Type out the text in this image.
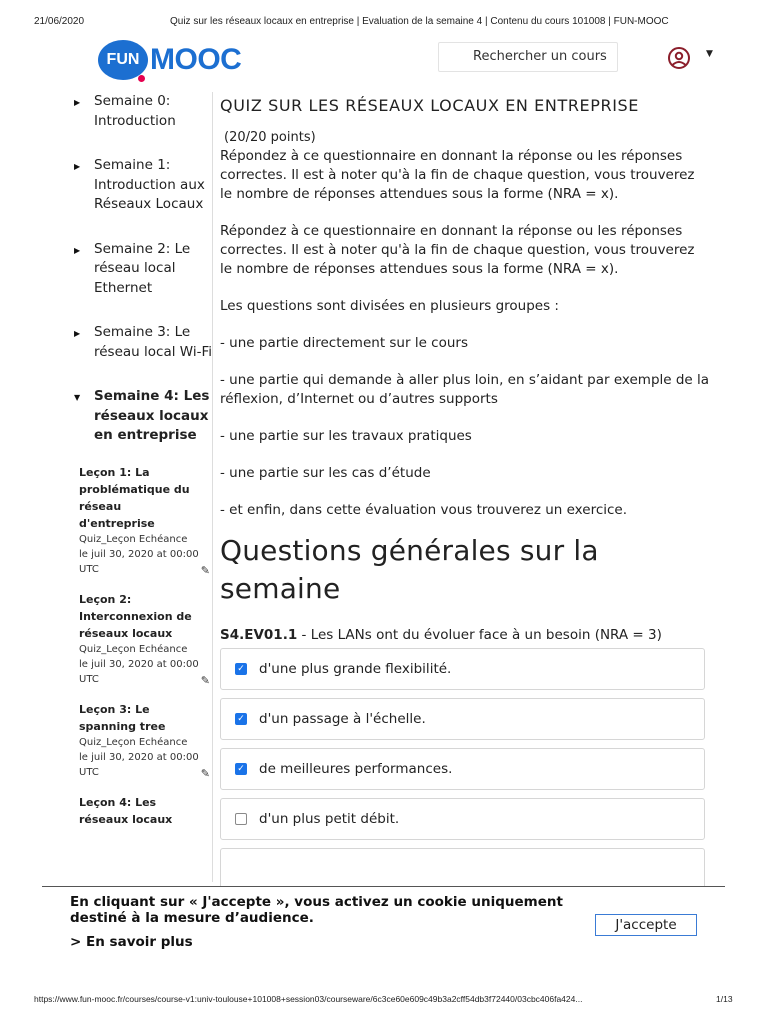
21/06/2020	Quiz sur les réseaux locaux en entreprise | Evaluation de la semaine 4 | Contenu du cours 101008 | FUN-MOOC
FUN MOOC	Rechercher un cours	▼
▶ Semaine 0: Introduction
▶ Semaine 1: Introduction aux Réseaux Locaux
▶ Semaine 2: Le réseau local Ethernet
▶ Semaine 3: Le réseau local Wi-Fi
▼ Semaine 4: Les réseaux locaux en entreprise
Leçon 1: La problématique du réseau d'entreprise
Quiz_Leçon Echéance le juil 30, 2020 at 00:00 UTC	✎
Leçon 2: Interconnexion de réseaux locaux
Quiz_Leçon Echéance le juil 30, 2020 at 00:00 UTC	✎
Leçon 3: Le spanning tree
Quiz_Leçon Echéance le juil 30, 2020 at 00:00 UTC	✎
Leçon 4: Les réseaux locaux
QUIZ SUR LES RÉSEAUX LOCAUX EN ENTREPRISE
(20/20 points)
Répondez à ce questionnaire en donnant la réponse ou les réponses correctes. Il est à noter qu'à la fin de chaque question, vous trouverez le nombre de réponses attendues sous la forme (NRA = x).
Répondez à ce questionnaire en donnant la réponse ou les réponses correctes. Il est à noter qu'à la fin de chaque question, vous trouverez le nombre de réponses attendues sous la forme (NRA = x).
Les questions sont divisées en plusieurs groupes :
- une partie directement sur le cours
- une partie qui demande à aller plus loin, en s’aidant par exemple de la réflexion, d’Internet ou d’autres supports
- une partie sur les travaux pratiques
- une partie sur les cas d’étude
- et enfin, dans cette évaluation vous trouverez un exercice.
Questions générales sur la semaine
S4.EV01.1 - Les LANs ont du évoluer face à un besoin (NRA = 3)
✓ d'une plus grande flexibilité.
✓ d'un passage à l'échelle.
✓ de meilleures performances.
d'un plus petit débit.
En cliquant sur « J'accepte », vous activez un cookie uniquement destiné à la mesure d’audience.
> En savoir plus
J'accepte
https://www.fun-mooc.fr/courses/course-v1:univ-toulouse+101008+session03/courseware/6c3ce60e609c49b3a2cff54db3f72440/03cbc406fa424...	1/13
